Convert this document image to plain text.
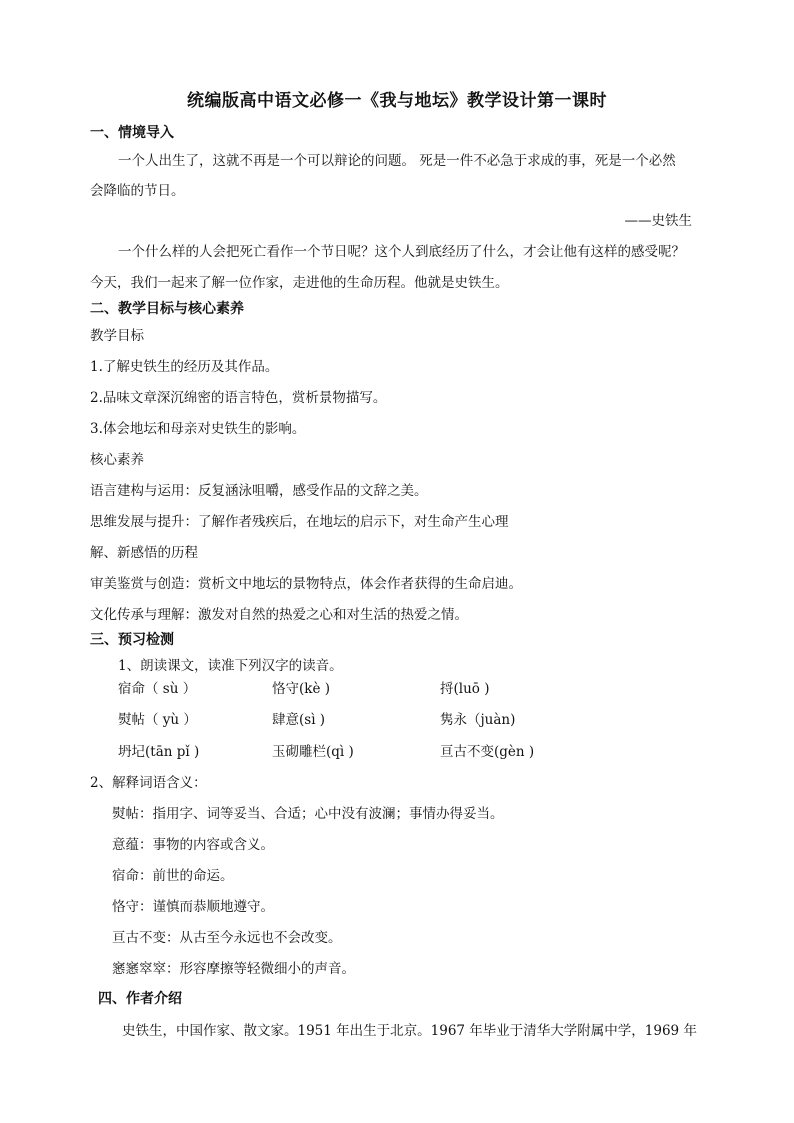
统编版高中语文必修一《我与地坛》教学设计第一课时
一、情境导入
一个人出生了，这就不再是一个可以辩论的问题。 死是一件不必急于求成的事，死是一个必然
会降临的节日。
——史铁生
一个什么样的人会把死亡看作一个节日呢？这个人到底经历了什么，才会让他有这样的感受呢？
今天，我们一起来了解一位作家，走进他的生命历程。他就是史铁生。
二、教学目标与核心素养
教学目标
1.了解史铁生的经历及其作品。
2.品味文章深沉绵密的语言特色，赏析景物描写。
3.体会地坛和母亲对史铁生的影响。
核心素养
语言建构与运用：反复涵泳咀嚼，感受作品的文辞之美。
思维发展与提升：了解作者残疾后，在地坛的启示下，对生命产生心理
解、新感悟的历程
审美鉴赏与创造：赏析文中地坛的景物特点，体会作者获得的生命启迪。
文化传承与理解：激发对自然的热爱之心和对生活的热爱之情。
三、预习检测
1、朗读课文，读准下列汉字的读音。
宿命（ sù ）	恪守(kè )	捋(luō )
熨帖（ yù ）	肆意(sì )	隽永（juàn)
坍圮(tān pǐ )	玉砌雕栏(qì )	亘古不变(gèn )
2、解释词语含义：
熨帖：指用字、词等妥当、合适；心中没有波澜；事情办得妥当。
意蕴：事物的内容或含义。
宿命：前世的命运。
恪守：谨慎而恭顺地遵守。
亘古不变：从古至今永远也不会改变。
窸窸窣窣：形容摩擦等轻微细小的声音。
四、作者介绍
史铁生，中国作家、散文家。1951 年出生于北京。1967 年毕业于清华大学附属中学，1969 年
